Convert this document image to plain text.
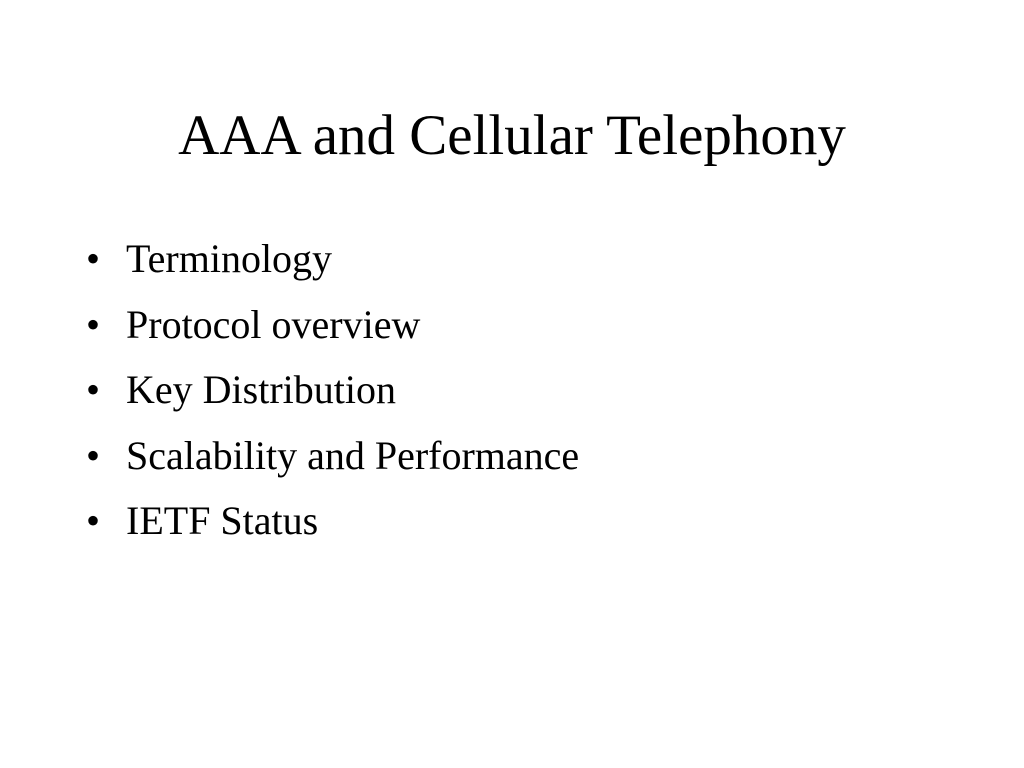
AAA and Cellular Telephony
• Terminology
• Protocol overview
• Key Distribution
• Scalability and Performance
• IETF Status
